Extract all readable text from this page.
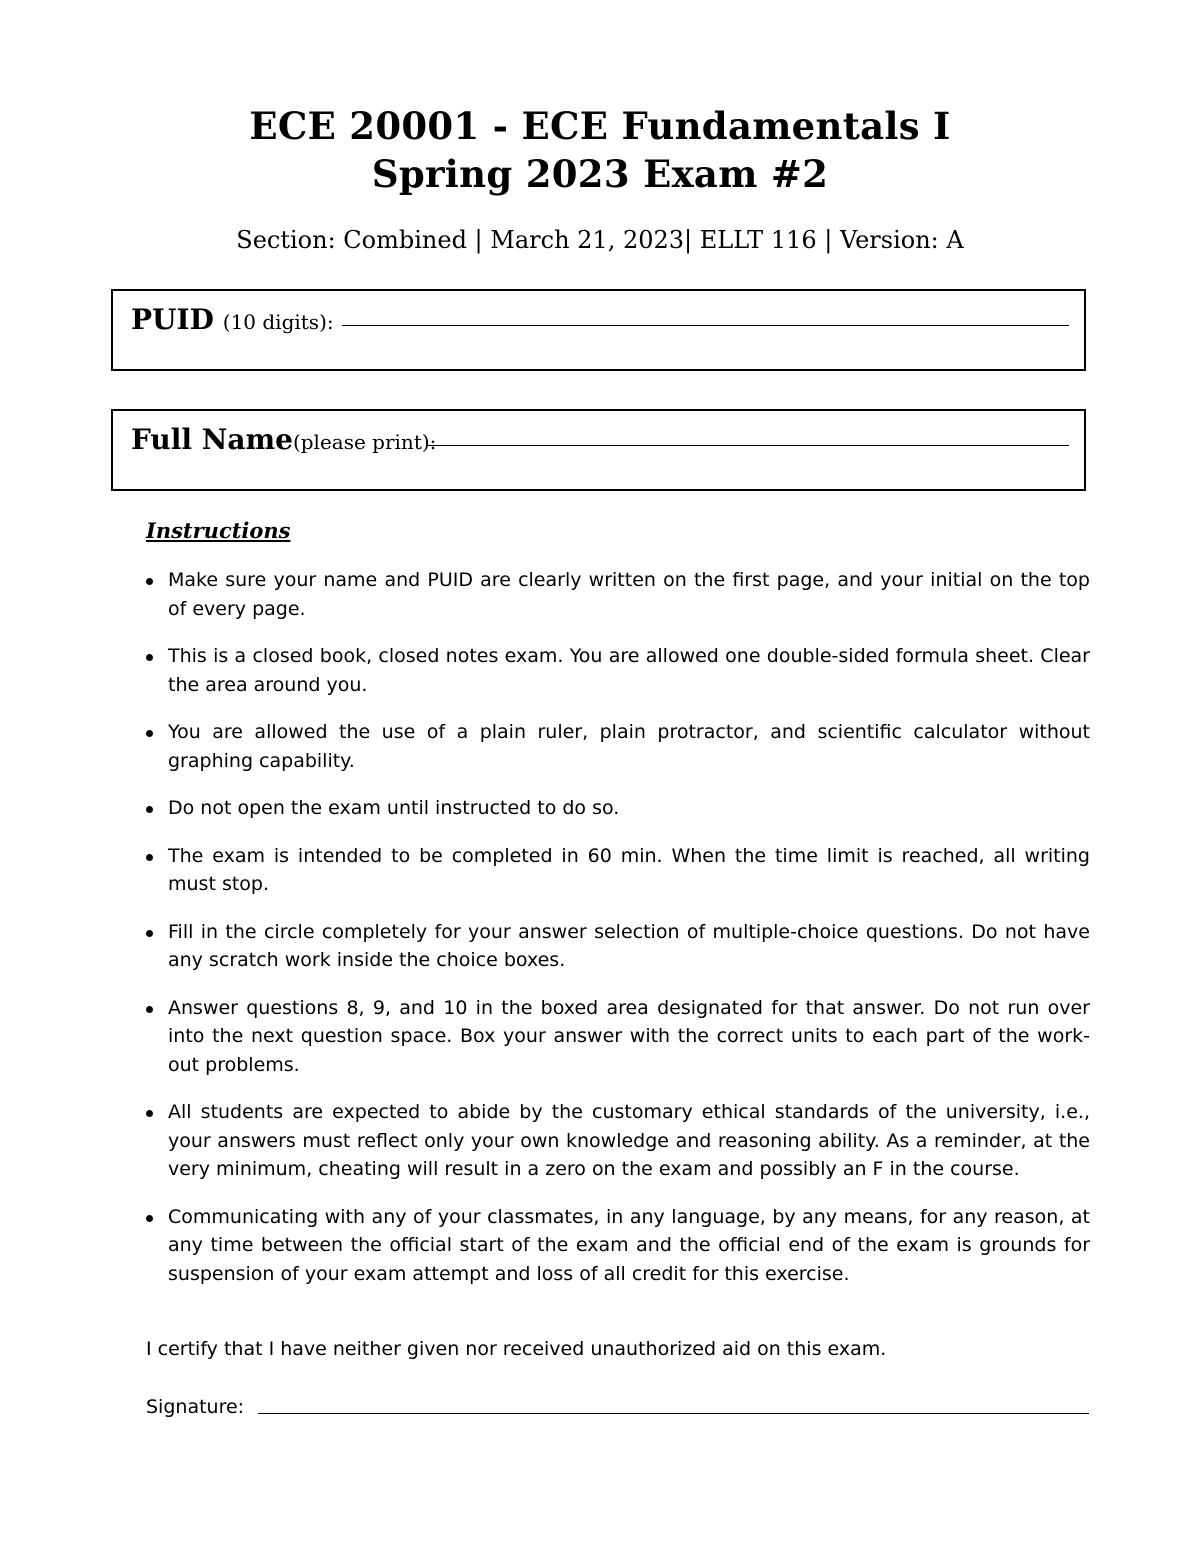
ECE 20001 - ECE Fundamentals I
Spring 2023 Exam #2
Section: Combined | March 21, 2023| ELLT 116 | Version: A
PUID (10 digits):
Full Name(please print):
Instructions
Make sure your name and PUID are clearly written on the first page, and your initial on the top of every page.
This is a closed book, closed notes exam. You are allowed one double-sided formula sheet. Clear the area around you.
You are allowed the use of a plain ruler, plain protractor, and scientific calculator without graphing capability.
Do not open the exam until instructed to do so.
The exam is intended to be completed in 60 min. When the time limit is reached, all writing must stop.
Fill in the circle completely for your answer selection of multiple-choice questions. Do not have any scratch work inside the choice boxes.
Answer questions 8, 9, and 10 in the boxed area designated for that answer. Do not run over into the next question space. Box your answer with the correct units to each part of the work-out problems.
All students are expected to abide by the customary ethical standards of the university, i.e., your answers must reflect only your own knowledge and reasoning ability. As a reminder, at the very minimum, cheating will result in a zero on the exam and possibly an F in the course.
Communicating with any of your classmates, in any language, by any means, for any reason, at any time between the official start of the exam and the official end of the exam is grounds for suspension of your exam attempt and loss of all credit for this exercise.
I certify that I have neither given nor received unauthorized aid on this exam.
Signature:
